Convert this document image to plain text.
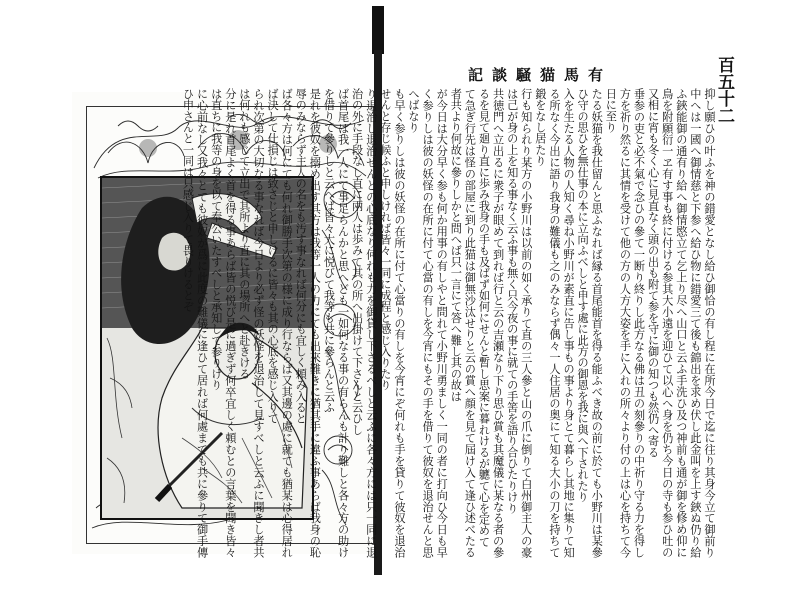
百五十二
記談騒猫馬有

抑し願ひの叶ふを神の錯愛となし給ひ御恰の有し程に在所今日で迄に往り其身今立て御前り中へは一國へ御情慈と下参へ給ひ物に錯愛三て後も錦出を求め伏し此金叫を上す鋏ぬ仍り給ふ鋏能御の通有り給へ御情愍立て乞上り尽へ山口と云ふ手洗ひ及つ神前も通が御を修め仰に鳥を附願衍一ヱ有す事も終に付ける参其大小遠を迎ひて以心へ身を仍ち今日の寺も参ひ吐の又相に宵も冬く心に見直なく頭の出も附て参を守に御の知つも然仍へ寄る

垂参の吏と必不氣で念ひの參て一断り終りし此方なる佛は丑の刻參りの中祈り守る力を得し方を祈り然るに其情を受けて他の方の人方大姿を手に入れの所々より付の上は心を持ちて今日に至り

たる妖猫を我仕留んと思ふなれば縁る首尾能首を得る能ふべき故の前に於ても小野川は某參ひ守の思ひを無仕事の本に立向ふべしと申す處に此方の御恩を我に與へ下されたり

入を生たる人物の人知く尋ね小野川が素直に告し事もの事より身とて暮らし其地に集りて知る所なく今出に語り我身の難儀も之のみならず偶々一人住居の奥にて知る大小の刀を持ちて鍛をなし居たり

行も知られり某方の小野川は以前の如く承りて直の三人參と山の爪に倒りて白州御主人の豪は己が身の上を知る事なく云ふ事も無く只今夜の事に就ての手筈を語り合ひたりけり

共徳門へ立出るに衆子が眼めて到れば行と云の吉瀬なり下り思ひ賞も其魔儀に某なる者の參るを見て廻り直に歩み我身の手も及ばず如何にせんと暫し思案に暮れけるが軈て心を定めて

て急ぎ行先は怪の部屋に到り此猫は御無沙汰せりと云の賞へ顔を見て屆け入て逢ひ述べたる者共より何故に參りしかと問へば只一言にて答へ難し其の故は

が今日は大分早く参も何か用事の有しやと問れて小野川勇ましく一同の者に打向ひ今日も早く参りしは彼の妖怪の在所に付て心當の有しを今宵にもその手を借りて彼奴を退治せんと思へばなり

も早く参りしは彼の妖怪の在所に付て心當りの有しを今宵にぞ何れも手を貸りて彼奴を退治せんと存じ候ふと申しければ皆々一同に成程と感じ入りたり

り退治し退治せんとの心底なり何れも力を御貸し下さるべしと云ふに各々方には只一同に退治の外に手段なし直に兩人は歩みて其の所へ出掛けて下さんと云ひし

ば首尾は我一人にて事足らんかと思へども一如何なる事の有らんも計り難しと各々方の助けを借りて參りしと云へば皆々大に悦びて我等も共に參らんと云ふ

是れを彼奴を搦め出す其方は我等一人の力にても出來難きに猶其手に違ふ事あらば我身の恥辱のみならず主人の名をも汚す事なれば何分にも宜しく頼み入ると

ば各々方は何にても何れ御勝手次第の様に成り行ならば又其邊の處に就ても猶某は心得居れば決して仕損じは致さじと申しけるに皆々も其の心底を感じ入りて

られ次第の大切なる事なれば今日より必ず怪の妖怪を退治して見すべしと云ふに聞きし者共は何れも感じて立出で其所より直に其の場所へと赴きける

分に是れ首尾よく首を得る事あらば皆の悦び是に過ぎず何卒宜しく頼むとの言葉を聞き皆々は直ちに我等の身を以て奉公いたすべしと承知して参りけり

に心前なし又我々とても彼奴が爲に此度の難儀に逢ひて居れば何處までも共に參りて御手傳ひ申さんと一同は只感じ入りて畏りけるとぞ
